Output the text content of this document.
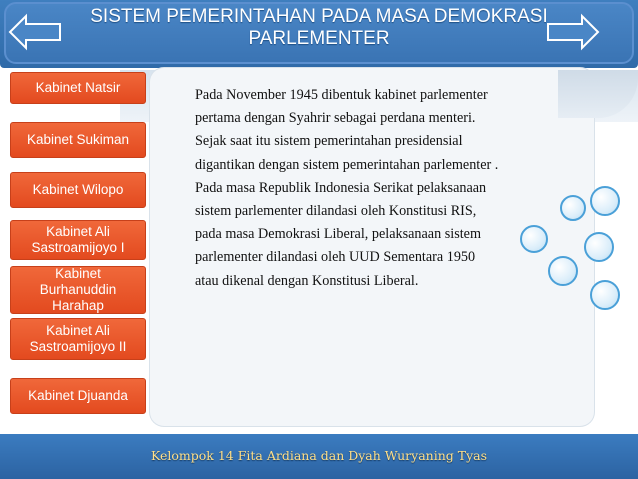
SISTEM PEMERINTAHAN PADA MASA DEMOKRASI
PARLEMENTER
Pada November 1945 dibentuk kabinet parlementer
pertama dengan Syahrir sebagai perdana menteri.
Sejak saat itu sistem pemerintahan presidensial
digantikan dengan sistem pemerintahan parlementer .
Pada masa Republik Indonesia Serikat pelaksanaan
sistem parlementer dilandasi oleh Konstitusi RIS,
pada masa Demokrasi Liberal, pelaksanaan sistem
parlementer dilandasi oleh UUD Sementara 1950
atau dikenal dengan Konstitusi Liberal.
Kabinet Natsir
Kabinet Sukiman
Kabinet Wilopo
Kabinet Ali
Sastroamijoyo I
Kabinet
Burhanuddin
Harahap
Kabinet Ali
Sastroamijoyo II
Kabinet Djuanda
Kelompok 14 Fita Ardiana dan Dyah Wuryaning Tyas
